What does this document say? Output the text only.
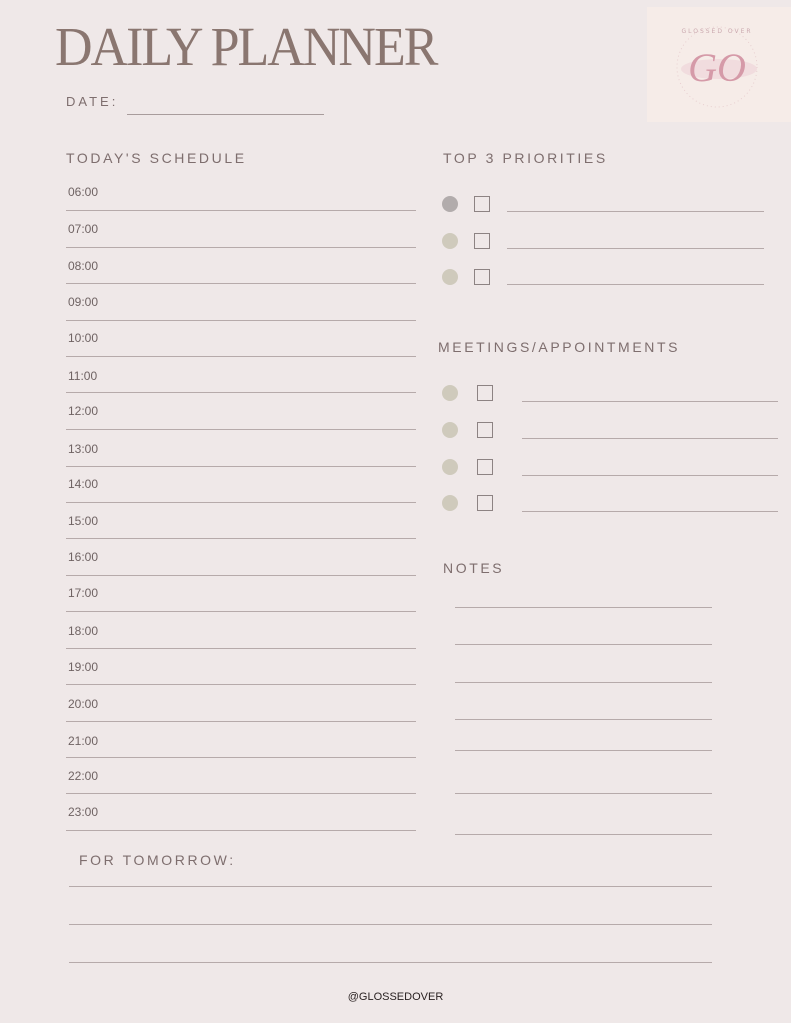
DAILY PLANNER
DATE:
GO
GLOSSED OVER
TODAY'S SCHEDULE	TOP 3 PRIORITIES
MEETINGS/APPOINTMENTS
NOTES
FOR TOMORROW:
@GLOSSEDOVER
06:00
07:00
08:00
09:00
10:00
11:00
12:00
13:00
14:00
15:00
16:00
17:00
18:00
19:00
20:00
21:00
22:00
23:00
